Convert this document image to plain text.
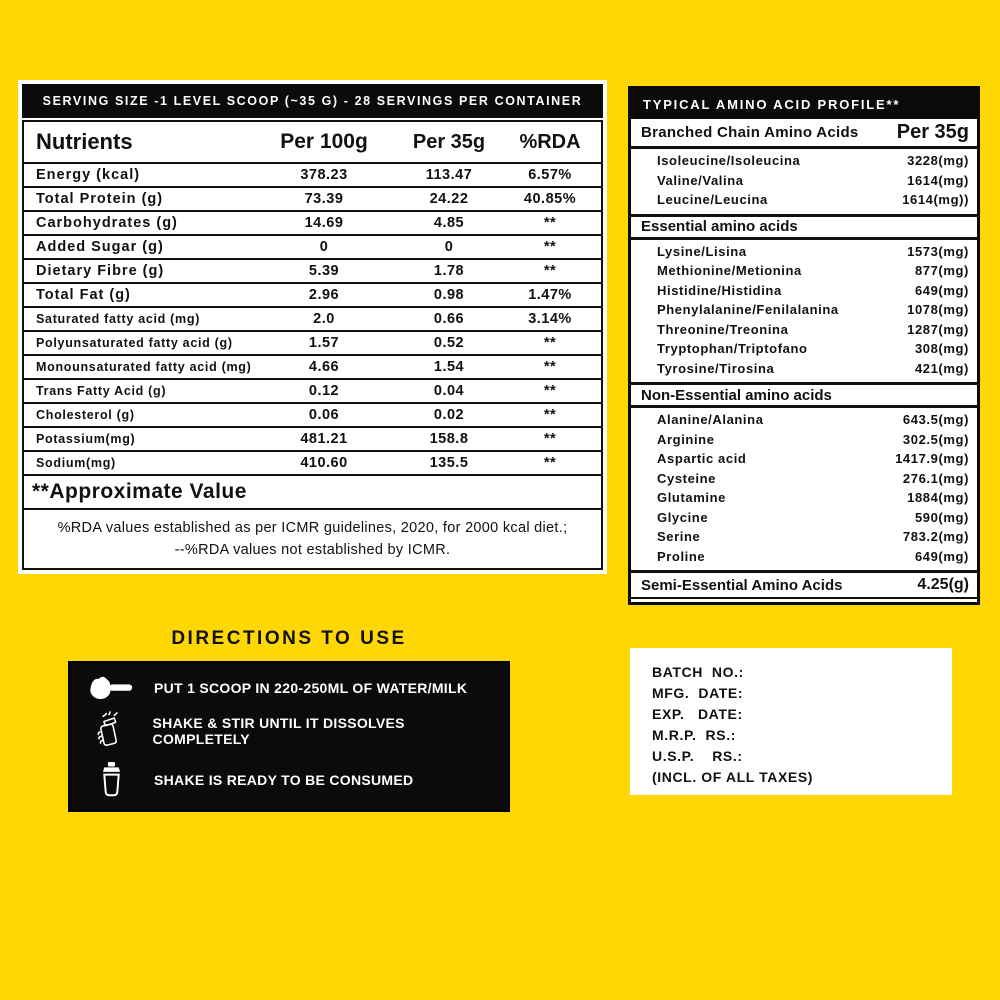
SERVING SIZE -1 LEVEL SCOOP (~35 G) - 28 SERVINGS PER CONTAINER
Nutrients	Per 100g	Per 35g	%RDA
Energy (kcal)	378.23	113.47	6.57%
Total Protein (g)	73.39	24.22	40.85%
Carbohydrates (g)	14.69	4.85	**
Added Sugar (g)	0	0	**
Dietary Fibre (g)	5.39	1.78	**
Total Fat (g)	2.96	0.98	1.47%
Saturated fatty acid (mg)	2.0	0.66	3.14%
Polyunsaturated fatty acid (g)	1.57	0.52	**
Monounsaturated fatty acid (mg)	4.66	1.54	**
Trans Fatty Acid (g)	0.12	0.04	**
Cholesterol (g)	0.06	0.02	**
Potassium(mg)	481.21	158.8	**
Sodium(mg)	410.60	135.5	**
**Approximate Value
%RDA values established as per ICMR guidelines, 2020, for 2000 kcal diet.;
--%RDA values not established by ICMR.
TYPICAL AMINO ACID PROFILE**
Branched Chain Amino Acids Per 35g
Isoleucine/Isoleucina	3228(mg)
Valine/Valina	1614(mg)
Leucine/Leucina	1614(mg))
Essential amino acids
Lysine/Lisina	1573(mg)
Methionine/Metionina	877(mg)
Histidine/Histidina	649(mg)
Phenylalanine/Fenilalanina	1078(mg)
Threonine/Treonina	1287(mg)
Tryptophan/Triptofano	308(mg)
Tyrosine/Tirosina	421(mg)
Non-Essential amino acids
Alanine/Alanina	643.5(mg)
Arginine	302.5(mg)
Aspartic acid	1417.9(mg)
Cysteine	276.1(mg)
Glutamine	1884(mg)
Glycine	590(mg)
Serine	783.2(mg)
Proline	649(mg)
Semi-Essential Amino Acids	4.25(g)
DIRECTIONS TO USE
PUT 1 SCOOP IN 220-250ML OF WATER/MILK
SHAKE & STIR UNTIL IT DISSOLVES COMPLETELY
SHAKE IS READY TO BE CONSUMED
BATCH  NO.:
MFG.  DATE:
EXP.   DATE:
M.R.P.  RS.:
U.S.P.    RS.:
(INCL. OF ALL TAXES)
